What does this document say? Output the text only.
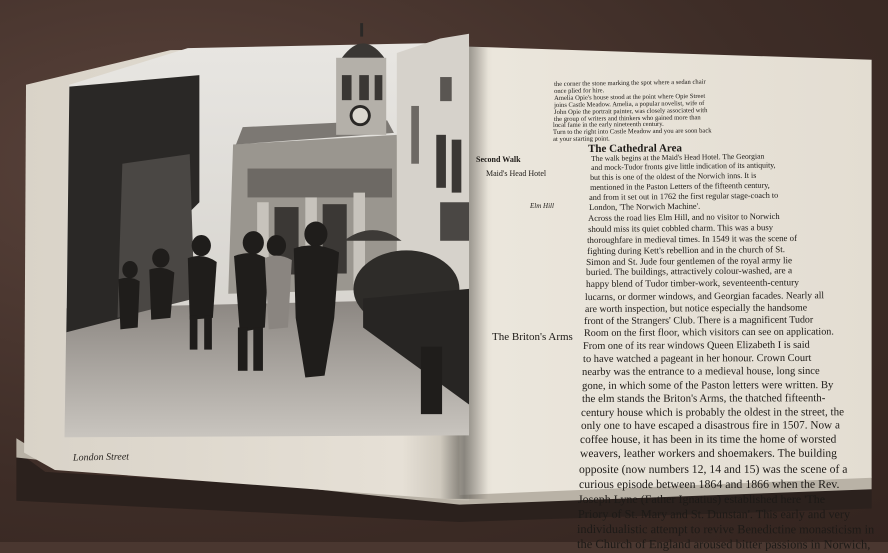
London Street
the corner the stone marking the spot where a sedan chair
once plied for hire.
Amelia Opie's house stood at the point where Opie Street
joins Castle Meadow. Amelia, a popular novelist, wife of
John Opie the portrait painter, was closely associated with
the group of writers and thinkers who gained more than
local fame in the early nineteenth century.
Turn to the right into Castle Meadow and you are soon back
at your starting point.
The Cathedral Area
Second Walk
Maid's Head Hotel
Elm Hill
The Briton's Arms
The walk begins at the Maid's Head Hotel. The Georgian
and mock-Tudor fronts give little indication of its antiquity,
but this is one of the oldest of the Norwich inns. It is
mentioned in the Paston Letters of the fifteenth century,
and from it set out in 1762 the first regular stage-coach to
London, 'The Norwich Machine'.
Across the road lies Elm Hill, and no visitor to Norwich
should miss its quiet cobbled charm. This was a busy
thoroughfare in medieval times. In 1549 it was the scene of
fighting during Kett's rebellion and in the church of St.
Simon and St. Jude four gentlemen of the royal army lie
buried. The buildings, attractively colour-washed, are a
happy blend of Tudor timber-work, seventeenth-century
lucarns, or dormer windows, and Georgian facades. Nearly all
are worth inspection, but notice especially the handsome
front of the Strangers' Club. There is a magnificent Tudor
Room on the first floor, which visitors can see on application.
From one of its rear windows Queen Elizabeth I is said
to have watched a pageant in her honour. Crown Court
nearby was the entrance to a medieval house, long since
gone, in which some of the Paston letters were written. By
the elm stands the Briton's Arms, the thatched fifteenth-
century house which is probably the oldest in the street, the
only one to have escaped a disastrous fire in 1507. Now a
coffee house, it has been in its time the home of worsted
weavers, leather workers and shoemakers. The building
opposite (now numbers 12, 14 and 15) was the scene of a
curious episode between 1864 and 1866 when the Rev.
Joseph Lyne (Father Ignatius) established here 'The
Priory of St. Mary and St. Dunstan'. This early and very
individualistic attempt to revive Benedictine monasticism in
the Church of England aroused bitter passions in Norwich,
